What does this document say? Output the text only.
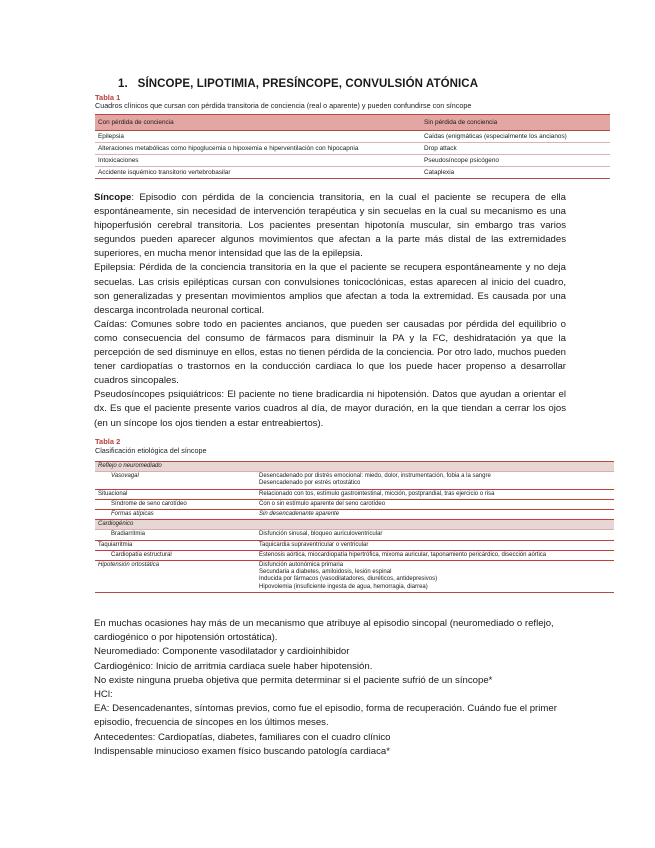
1.   SÍNCOPE, LIPOTIMIA, PRESÍNCOPE, CONVULSIÓN ATÓNICA
Tabla 1
Cuadros clínicos que cursan con pérdida transitoria de conciencia (real o aparente) y pueden confundirse con síncope
Con pérdida de conciencia	Sin pérdida de conciencia
Epilepsia	Caídas (enigmáticas (especialmente los ancianos)
Alteraciones metabólicas como hipoglucemia o hipoxemia e hiperventilación con hipocapnia	Drop attack
Intoxicaciones	Pseudosíncope psicógeno
Accidente isquémico transitorio vertebrobasilar	Cataplexia

Síncope: Episodio con pérdida de la conciencia transitoria, en la cual el paciente se recupera de ella espontáneamente, sin necesidad de intervención terapéutica y sin secuelas en la cual su mecanismo es una hipoperfusión cerebral transitoria. Los pacientes presentan hipotonía muscular, sin embargo tras varios segundos pueden aparecer algunos movimientos que afectan a la parte más distal de las extremidades superiores, en mucha menor intensidad que las de la epilepsia.

Epilepsia: Pérdida de la conciencia transitoria en la que el paciente se recupera espontáneamente y no deja secuelas. Las crisis epilépticas cursan con convulsiones tonicoclónicas, estas aparecen al inicio del cuadro, son generalizadas y presentan movimientos amplios que afectan a toda la extremidad. Es causada por una descarga incontrolada neuronal cortical.

Caídas: Comunes sobre todo en pacientes ancianos, que pueden ser causadas por pérdida del equilibrio o como consecuencia del consumo de fármacos para disminuir la PA y la FC, deshidratación ya que la percepción de sed disminuye en ellos, estas no tienen pérdida de la conciencia. Por otro lado, muchos pueden tener cardiopatías o trastornos en la conducción cardiaca lo que los puede hacer propenso a desarrollar cuadros sincopales.

Pseudosíncopes psiquiátricos: El paciente no tiene bradicardia ni hipotensión. Datos que ayudan a orientar el dx. Es que el paciente presente varios cuadros al día, de mayor duración, en la que tiendan a cerrar los ojos (en un síncope los ojos tienden a estar entreabiertos).

Tabla 2
Clasificación etiológica del síncope
Reflejo o neuromediado	
Vasovagal	Desencadenado por distrés emocional: miedo, dolor, instrumentación, fobia a la sangre
Desencadenado por estrés ortostático

Situacional	Relacionado con tos, estímulo gastrointestinal, micción, postprandial, tras ejercicio o risa

Síndrome de seno carotídeo	Con o sin estímulo aparente del seno carotídeo

Formas atípicas	Sin desencadenante aparente

Cardiogénico	
Bradiarritmia	Disfunción sinusal, bloqueo auriculoventricular

Taquiarritmia	Taquicardia supraventricular o ventricular

Cardiopatía estructural	Estenosis aórtica, miocardiopatía hipertrófica, mixoma auricular, taponamiento pericárdico, disección aórtica

Hipotensión ortostática	Disfunción autonómica primaria
Secundaria a diabetes, amiloidosis, lesión espinal
Inducida por fármacos (vasodilatadores, diuréticos, antidepresivos)
Hipovolemia (insuficiente ingesta de agua, hemorragia, diarrea)

En muchas ocasiones hay más de un mecanismo que atribuye al episodio sincopal (neuromediado o reflejo, cardiogénico o por hipotensión ortostática).

Neuromediado: Componente vasodilatador y cardioinhibidor

Cardiogénico: Inicio de arritmia cardiaca suele haber hipotensión.

No existe ninguna prueba objetiva que permita determinar si el paciente sufrió de un síncope*

HCl:

EA: Desencadenantes, síntomas previos, como fue el episodio, forma de recuperación. Cuándo fue el primer episodio, frecuencia de síncopes en los últimos meses.

Antecedentes: Cardiopatías, diabetes, familiares con el cuadro clínico

Indispensable minucioso examen físico buscando patología cardiaca*
